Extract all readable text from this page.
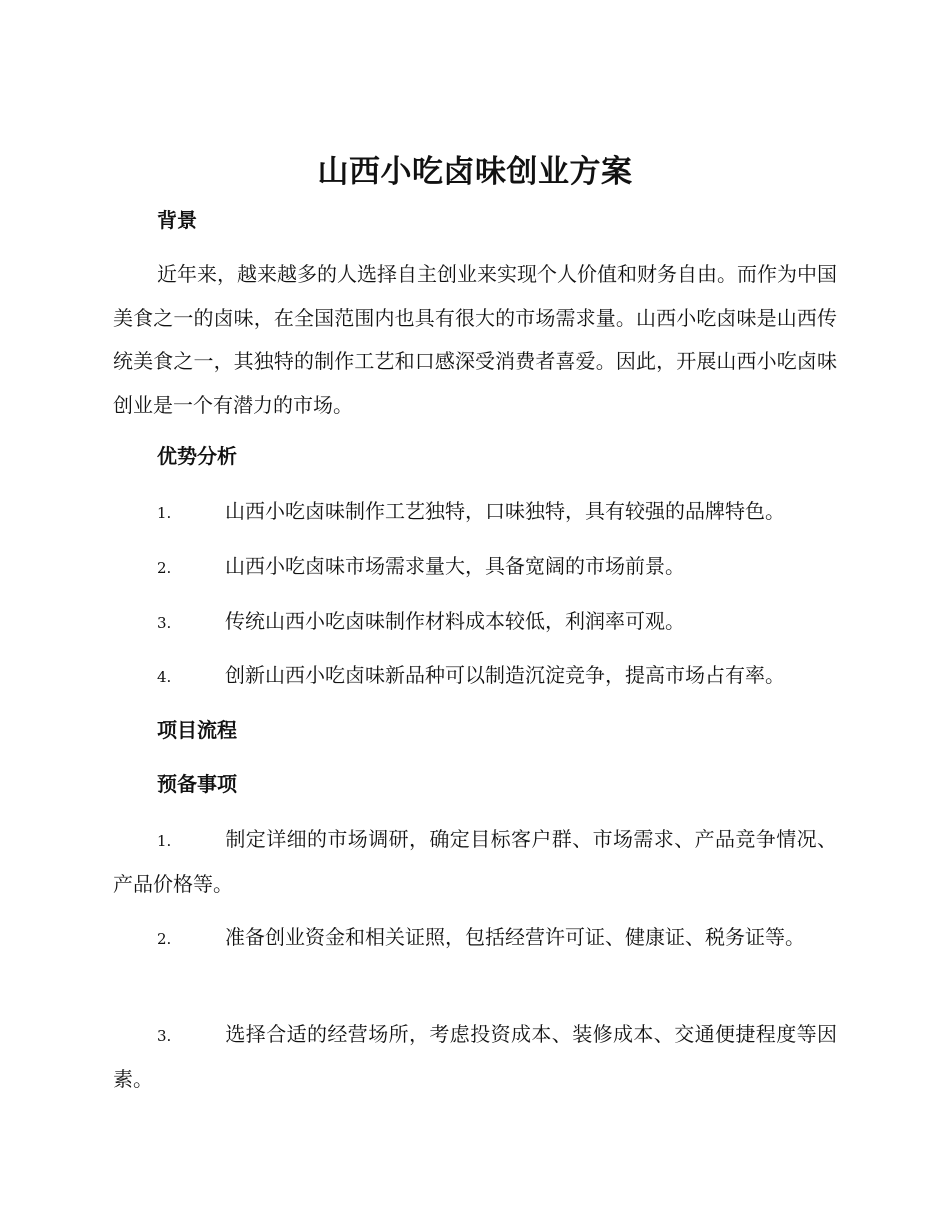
山西小吃卤味创业方案
背景
近年来，越来越多的人选择自主创业来实现个人价值和财务自由。而作为中国美食之一的卤味，在全国范围内也具有很大的市场需求量。山西小吃卤味是山西传统美食之一，其独特的制作工艺和口感深受消费者喜爱。因此，开展山西小吃卤味创业是一个有潜力的市场。
优势分析
1.	山西小吃卤味制作工艺独特，口味独特，具有较强的品牌特色。
2.	山西小吃卤味市场需求量大，具备宽阔的市场前景。
3.	传统山西小吃卤味制作材料成本较低，利润率可观。
4.	创新山西小吃卤味新品种可以制造沉淀竞争，提高市场占有率。
项目流程
预备事项
1.	制定详细的市场调研，确定目标客户群、市场需求、产品竞争情况、产品价格等。
2.	准备创业资金和相关证照，包括经营许可证、健康证、税务证等。
3.	选择合适的经营场所，考虑投资成本、装修成本、交通便捷程度等因素。
